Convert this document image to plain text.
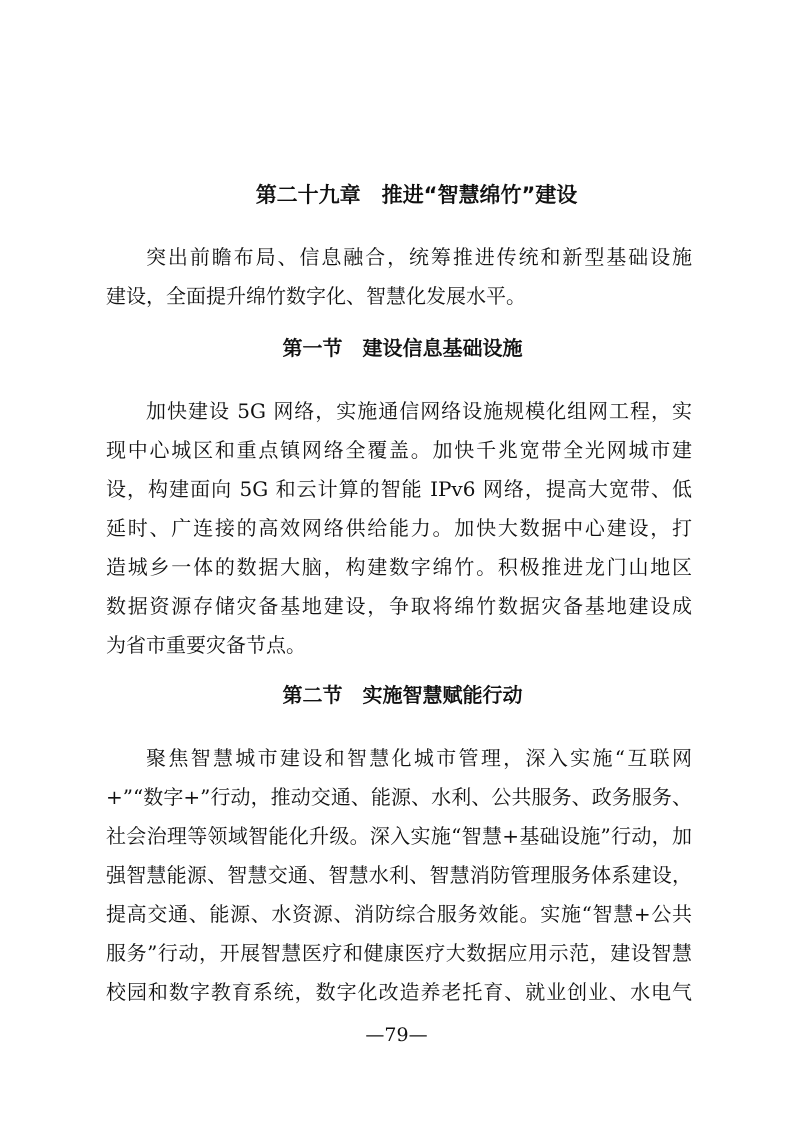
第二十九章　推进“智慧绵竹”建设
突出前瞻布局、信息融合，统筹推进传统和新型基础设施
建设，全面提升绵竹数字化、智慧化发展水平。
第一节　建设信息基础设施
加快建设 5G 网络，实施通信网络设施规模化组网工程，实
现中心城区和重点镇网络全覆盖。加快千兆宽带全光网城市建
设，构建面向 5G 和云计算的智能 IPv6 网络，提高大宽带、低
延时、广连接的高效网络供给能力。加快大数据中心建设，打
造城乡一体的数据大脑，构建数字绵竹。积极推进龙门山地区
数据资源存储灾备基地建设，争取将绵竹数据灾备基地建设成
为省市重要灾备节点。
第二节　实施智慧赋能行动
聚焦智慧城市建设和智慧化城市管理，深入实施“互联网
+”“数字+”行动，推动交通、能源、水利、公共服务、政务服务、
社会治理等领域智能化升级。深入实施“智慧+基础设施”行动，加
强智慧能源、智慧交通、智慧水利、智慧消防管理服务体系建设，
提高交通、能源、水资源、消防综合服务效能。实施“智慧+公共
服务”行动，开展智慧医疗和健康医疗大数据应用示范，建设智慧
校园和数字教育系统，数字化改造养老托育、就业创业、水电气
—79—
